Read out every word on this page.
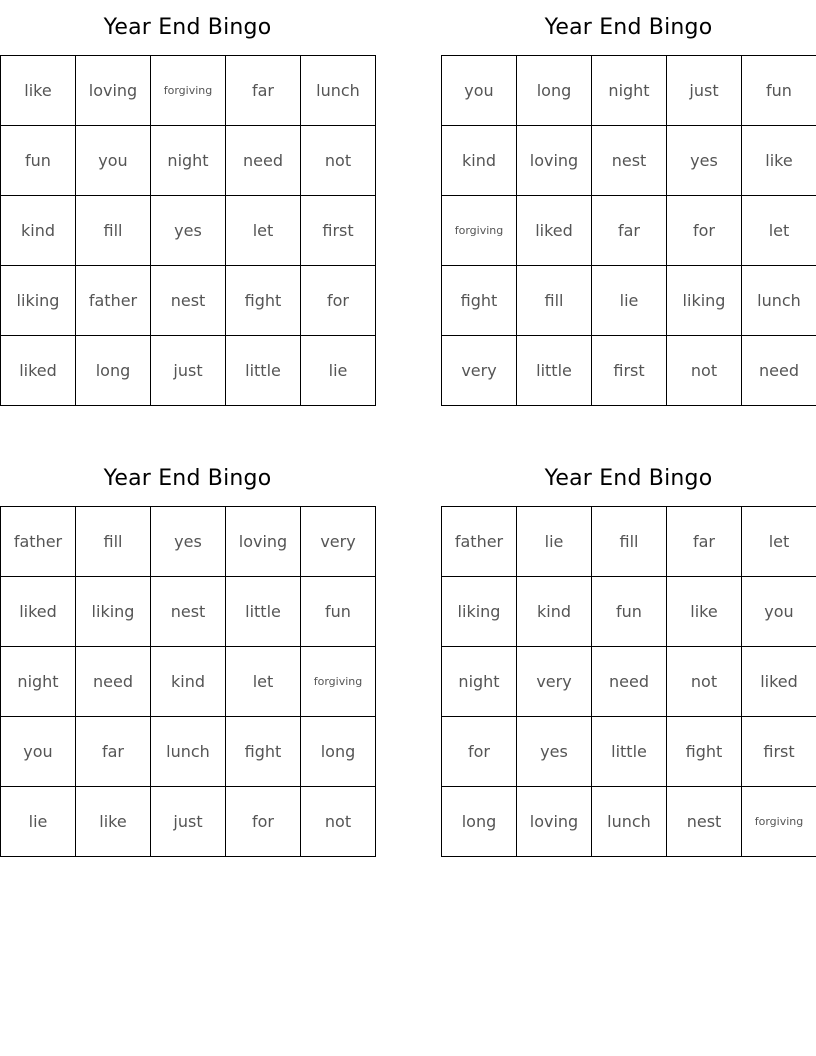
Year End Bingo
like	loving	forgiving	far	lunch
fun	you	night	need	not
kind	fill	yes	let	first
liking	father	nest	fight	for
liked	long	just	little	lie
Year End Bingo
you	long	night	just	fun
kind	loving	nest	yes	like
forgiving	liked	far	for	let
fight	fill	lie	liking	lunch
very	little	first	not	need
Year End Bingo
father	fill	yes	loving	very
liked	liking	nest	little	fun
night	need	kind	let	forgiving
you	far	lunch	fight	long
lie	like	just	for	not
Year End Bingo
father	lie	fill	far	let
liking	kind	fun	like	you
night	very	need	not	liked
for	yes	little	fight	first
long	loving	lunch	nest	forgiving
